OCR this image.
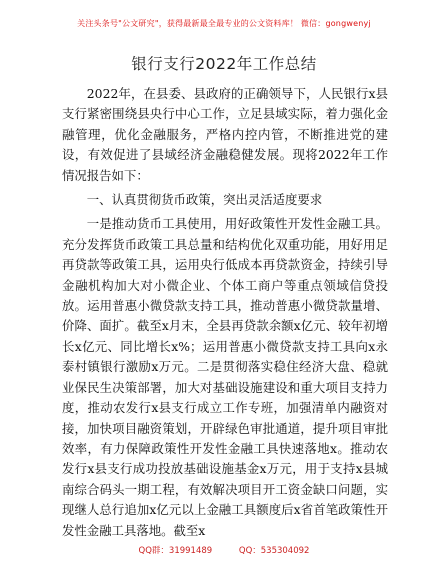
关注头条号"公文研究"，获得最新最全最专业的公文资料库！ 微信：gongwenyj
银行支行2022年工作总结

2022年，在县委、县政府的正确领导下，人民银行x县支行紧密围绕县央行中心工作，立足县域实际，着力强化金融管理，优化金融服务，严格内控内管，不断推进党的建设，有效促进了县域经济金融稳健发展。现将2022年工作情况报告如下：

一、认真贯彻货币政策，突出灵活适度要求

一是推动货币工具使用，用好政策性开发性金融工具。充分发挥货币政策工具总量和结构优化双重功能，用好用足再贷款等政策工具，运用央行低成本再贷款资金，持续引导金融机构加大对小微企业、个体工商户等重点领域信贷投放。运用普惠小微贷款支持工具，推动普惠小微贷款量增、价降、面扩。截至x月末，全县再贷款余额x亿元、较年初增长x亿元、同比增长x%；运用普惠小微贷款支持工具向x永泰村镇银行激励x万元。二是贯彻落实稳住经济大盘、稳就业保民生决策部署，加大对基础设施建设和重大项目支持力度，推动农发行x县支行成立工作专班，加强清单内融资对接，加快项目融资策划，开辟绿色审批通道，提升项目审批效率，有力保障政策性开发性金融工具快速落地x。推动农发行x县支行成功投放基础设施基金x万元，用于支持x县城南综合码头一期工程，有效解决项目开工资金缺口问题，实现继人总行追加x亿元以上金融工具额度后x省首笔政策性开发性金融工具落地。截至x

QQ群：31991489	QQ：535304092
